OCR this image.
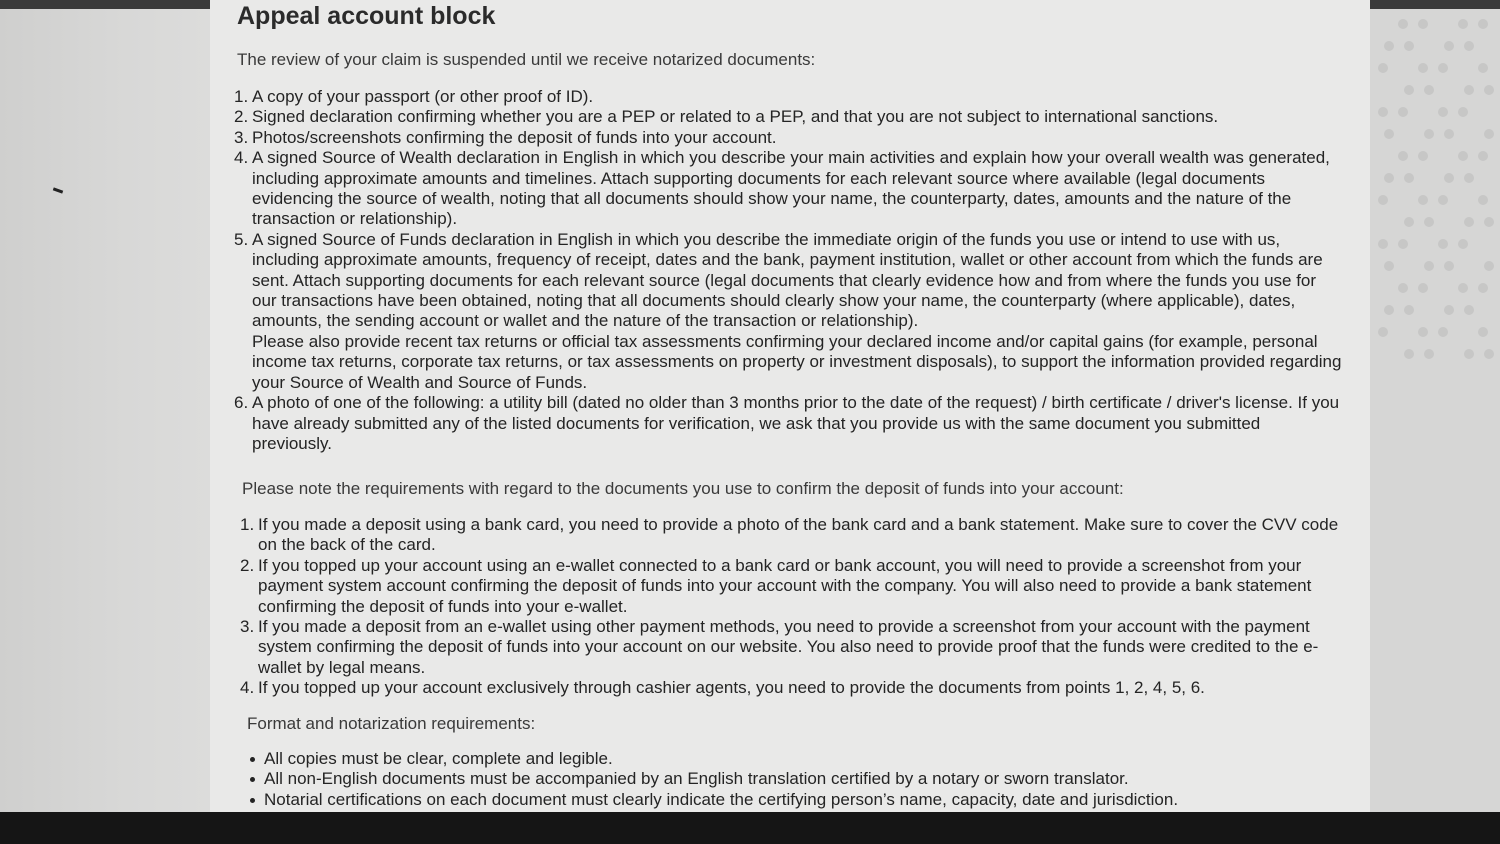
Appeal account block

The review of your claim is suspended until we receive notarized documents:

1. A copy of your passport (or other proof of ID).
2. Signed declaration confirming whether you are a PEP or related to a PEP, and that you are not subject to international sanctions.
3. Photos/screenshots confirming the deposit of funds into your account.
4. A signed Source of Wealth declaration in English in which you describe your main activities and explain how your overall wealth was generated, including approximate amounts and timelines. Attach supporting documents for each relevant source where available (legal documents evidencing the source of wealth, noting that all documents should show your name, the counterparty, dates, amounts and the nature of the transaction or relationship).
5. A signed Source of Funds declaration in English in which you describe the immediate origin of the funds you use or intend to use with us, including approximate amounts, frequency of receipt, dates and the bank, payment institution, wallet or other account from which the funds are sent. Attach supporting documents for each relevant source (legal documents that clearly evidence how and from where the funds you use for our transactions have been obtained, noting that all documents should clearly show your name, the counterparty (where applicable), dates, amounts, the sending account or wallet and the nature of the transaction or relationship).
Please also provide recent tax returns or official tax assessments confirming your declared income and/or capital gains (for example, personal income tax returns, corporate tax returns, or tax assessments on property or investment disposals), to support the information provided regarding your Source of Wealth and Source of Funds.
6. A photo of one of the following: a utility bill (dated no older than 3 months prior to the date of the request) / birth certificate / driver's license. If you have already submitted any of the listed documents for verification, we ask that you provide us with the same document you submitted previously.

Please note the requirements with regard to the documents you use to confirm the deposit of funds into your account:

1. If you made a deposit using a bank card, you need to provide a photo of the bank card and a bank statement. Make sure to cover the CVV code on the back of the card.
2. If you topped up your account using an e-wallet connected to a bank card or bank account, you will need to provide a screenshot from your payment system account confirming the deposit of funds into your account with the company. You will also need to provide a bank statement confirming the deposit of funds into your e-wallet.
3. If you made a deposit from an e-wallet using other payment methods, you need to provide a screenshot from your account with the payment system confirming the deposit of funds into your account on our website. You also need to provide proof that the funds were credited to the e-wallet by legal means.
4. If you topped up your account exclusively through cashier agents, you need to provide the documents from points 1, 2, 4, 5, 6.

Format and notarization requirements:

All copies must be clear, complete and legible.
All non-English documents must be accompanied by an English translation certified by a notary or sworn translator.
Notarial certifications on each document must clearly indicate the certifying person’s name, capacity, date and jurisdiction.
